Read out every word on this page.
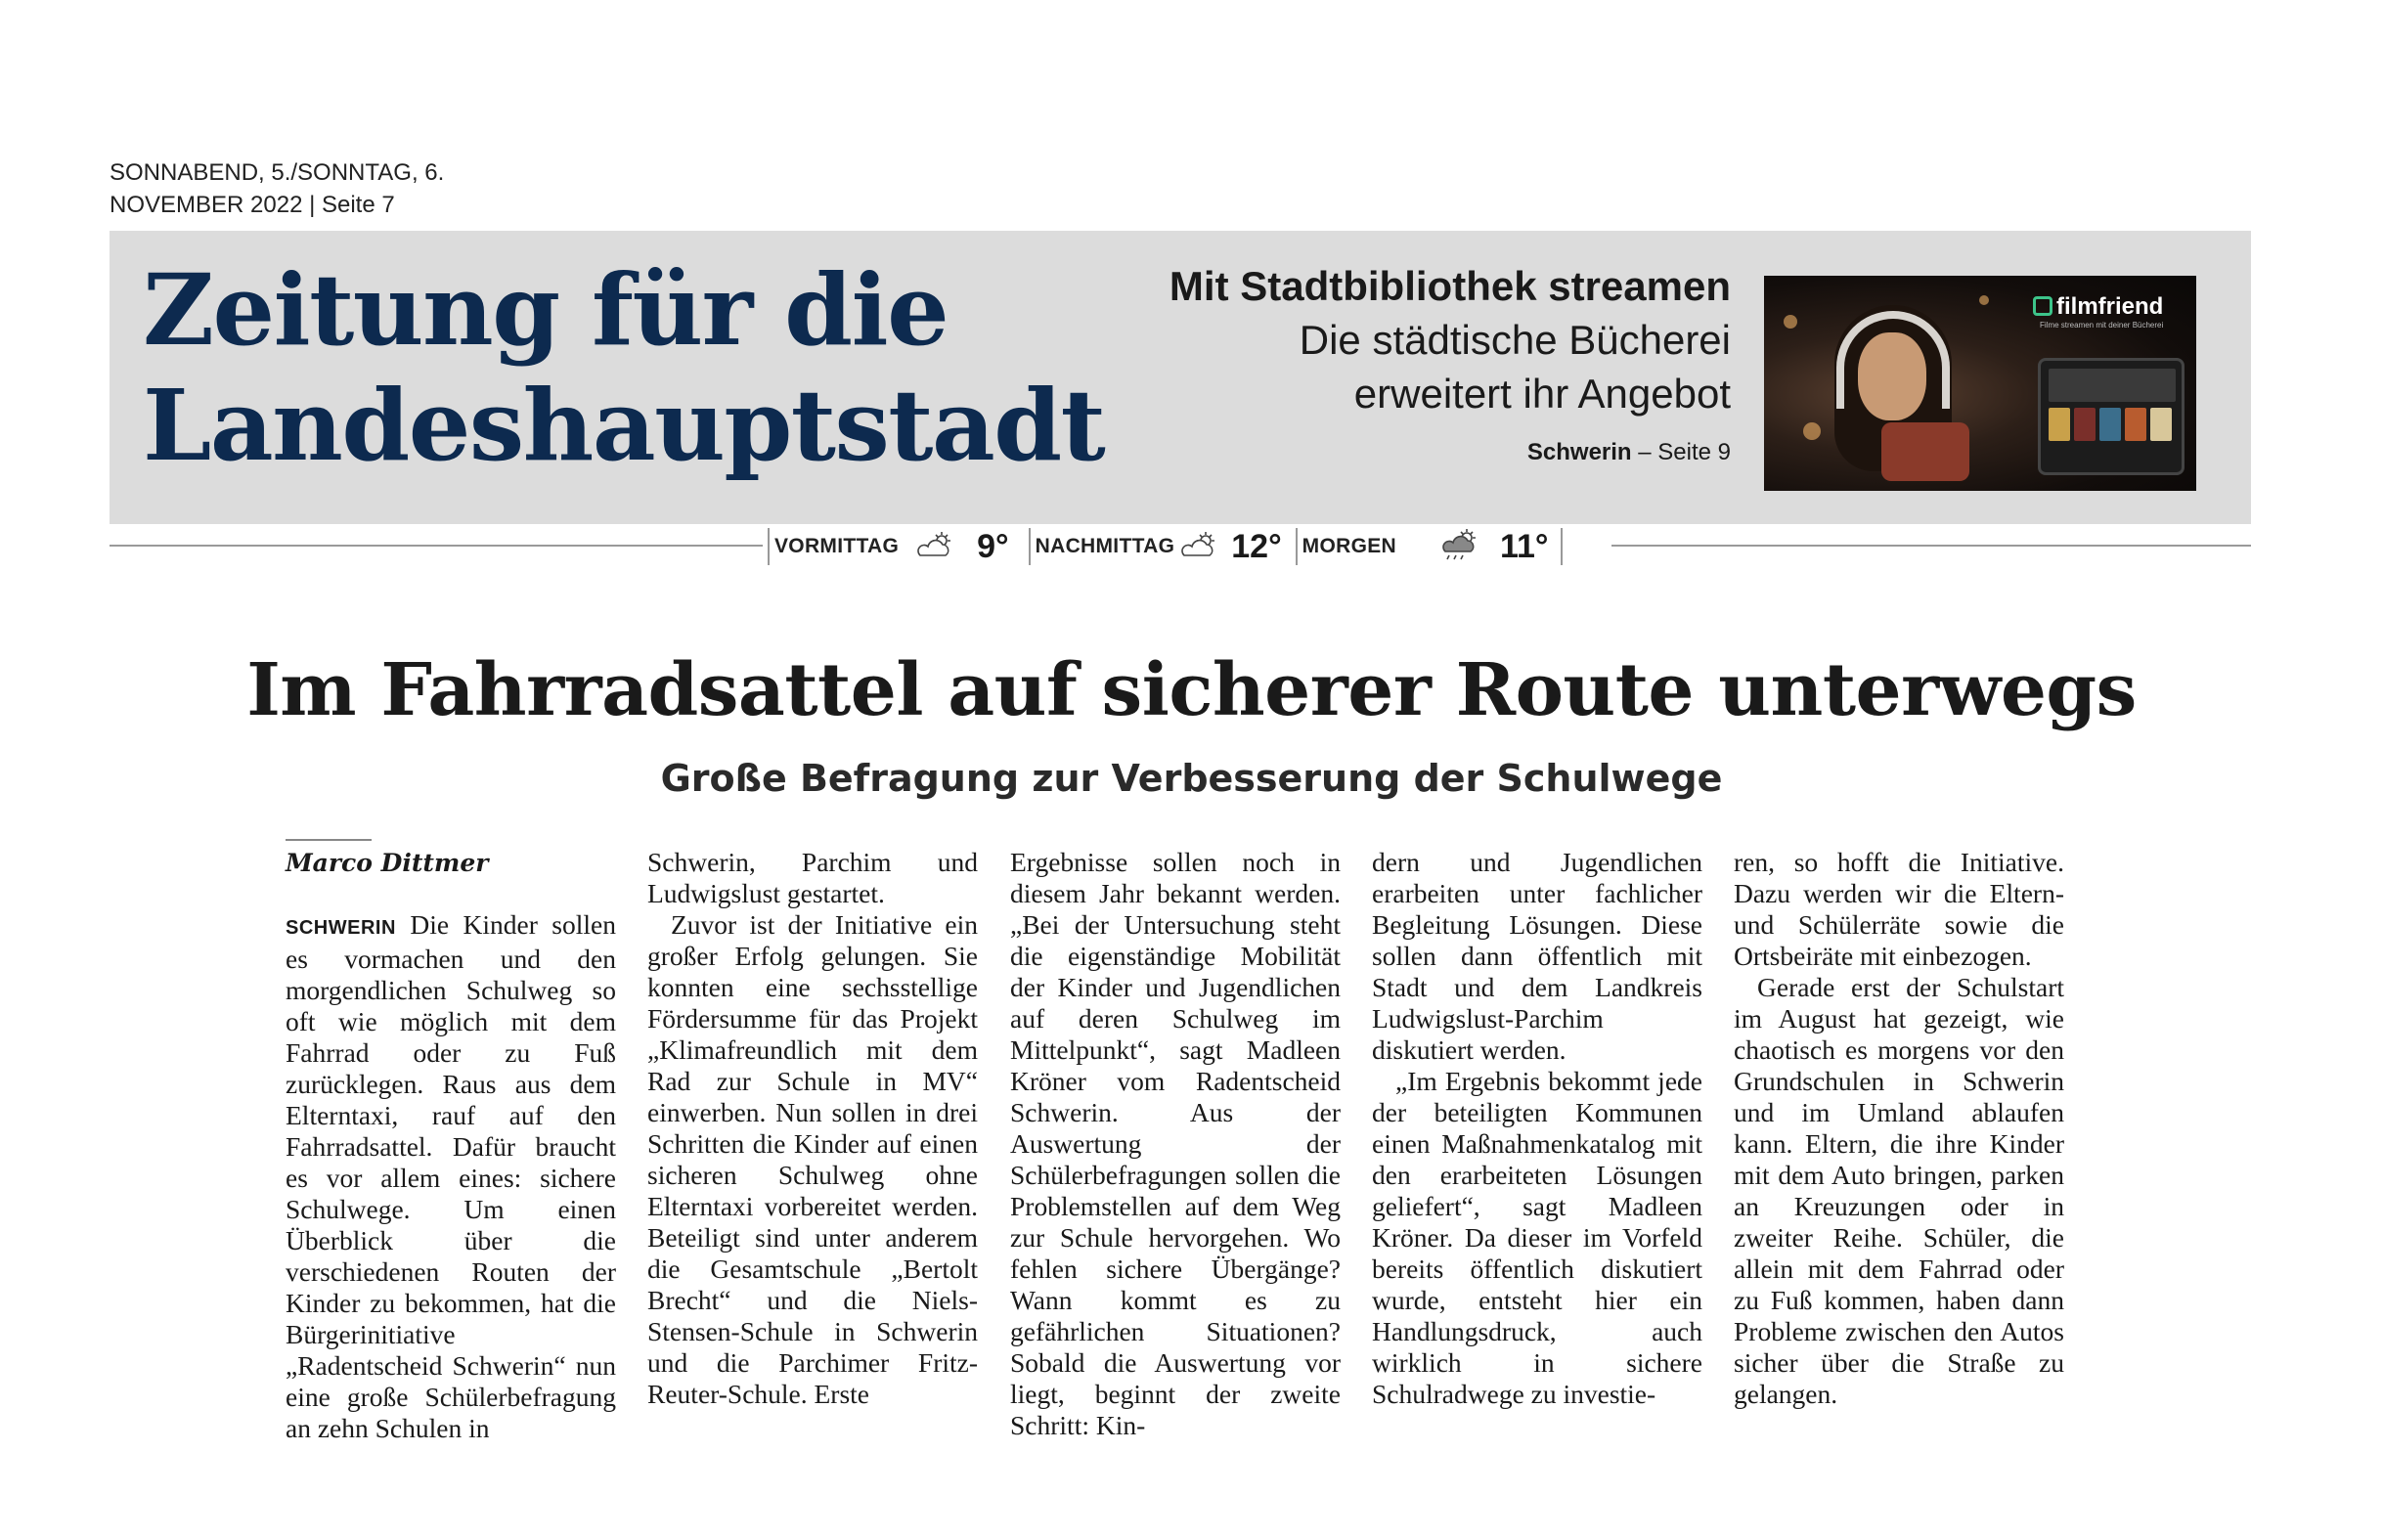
SONNABEND, 5./SONNTAG, 6.
NOVEMBER 2022 | Seite 7
Zeitung für die
Landeshauptstadt
Mit Stadtbibliothek streamen
Die städtische Bücherei
erweitert ihr Angebot
Schwerin – Seite 9
filmfriend
Filme streamen mit deiner Bücherei
VORMITTAG 9° NACHMITTAG 12° MORGEN	11°
Im Fahrradsattel auf sicherer Route unterwegs
Große Befragung zur Verbesserung der Schulwege
Marco Dittmer

SCHWERIN Die Kinder sollen es vormachen und den morgendlichen Schulweg so oft wie möglich mit dem Fahrrad oder zu Fuß zurücklegen. Raus aus dem Elterntaxi, rauf auf den Fahrradsattel. Dafür braucht es vor allem eines: sichere Schulwege. Um einen Überblick über die verschiedenen Routen der Kinder zu bekommen, hat die Bürgerinitiative „Radentscheid Schwerin“ nun eine große Schülerbefragung an zehn Schulen in

Schwerin, Parchim und Ludwigslust gestartet.

Zuvor ist der Initiative ein großer Erfolg gelungen. Sie konnten eine sechsstellige Fördersumme für das Projekt „Klimafreundlich mit dem Rad zur Schule in MV“ einwerben. Nun sollen in drei Schritten die Kinder auf einen sicheren Schulweg ohne Elterntaxi vorbereitet werden. Beteiligt sind unter anderem die Gesamtschule „Bertolt Brecht“ und die Niels-Stensen-Schule in Schwerin und die Parchimer Fritz-Reuter-Schule. Erste

Ergebnisse sollen noch in diesem Jahr bekannt werden. „Bei der Untersuchung steht die eigenständige Mobilität der Kinder und Jugendlichen auf deren Schulweg im Mittelpunkt“, sagt Madleen Kröner vom Radentscheid Schwerin. Aus der Auswertung der Schülerbefragungen sollen die Problemstellen auf dem Weg zur Schule hervorgehen. Wo fehlen sichere Übergänge? Wann kommt es zu gefährlichen Situationen? Sobald die Auswertung vor liegt, beginnt der zweite Schritt: Kin-

dern und Jugendlichen erarbeiten unter fachlicher Begleitung Lösungen. Diese sollen dann öffentlich mit Stadt und dem Landkreis Ludwigslust-Parchim diskutiert werden.

„Im Ergebnis bekommt jede der beteiligten Kommunen einen Maßnahmenkatalog mit den erarbeiteten Lösungen geliefert“, sagt Madleen Kröner. Da dieser im Vorfeld bereits öffentlich diskutiert wurde, entsteht hier ein Handlungsdruck, auch wirklich in sichere Schulradwege zu investie-

ren, so hofft die Initiative. Dazu werden wir die Eltern- und Schülerräte sowie die Ortsbeiräte mit einbezogen.

Gerade erst der Schulstart im August hat gezeigt, wie chaotisch es morgens vor den Grundschulen in Schwerin und im Umland ablaufen kann. Eltern, die ihre Kinder mit dem Auto bringen, parken an Kreuzungen oder in zweiter Reihe. Schüler, die allein mit dem Fahrrad oder zu Fuß kommen, haben dann Probleme zwischen den Autos sicher über die Straße zu gelangen.
